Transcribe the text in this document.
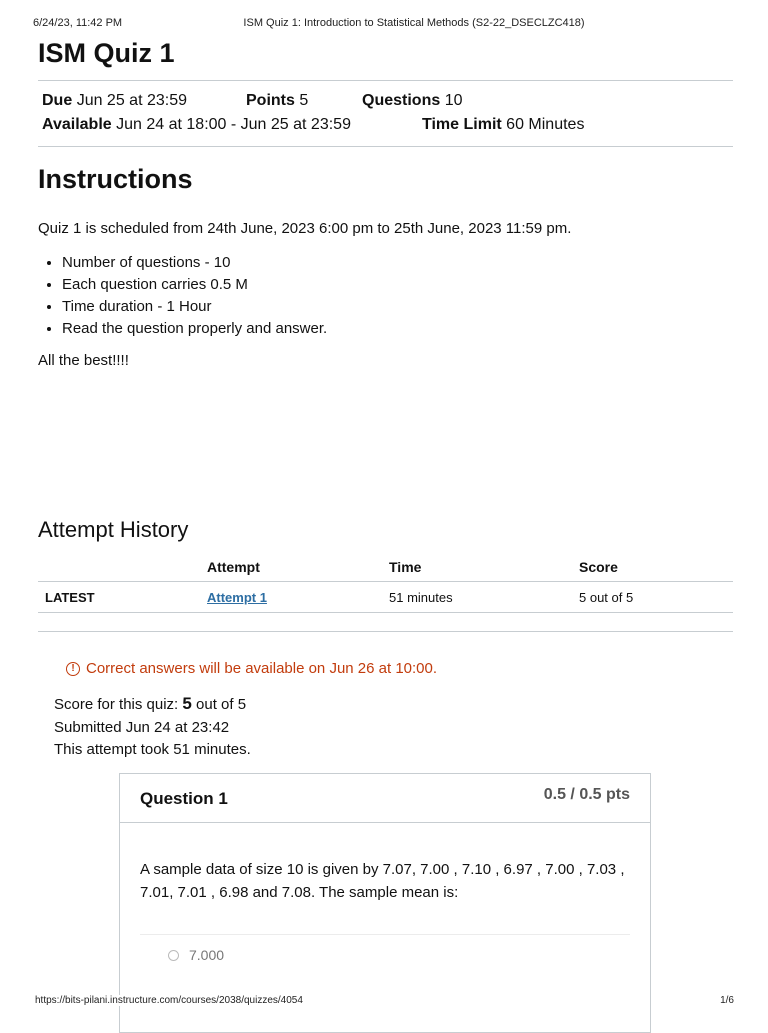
6/24/23, 11:42 PM	ISM Quiz 1: Introduction to Statistical Methods (S2-22_DSECLZC418)
ISM Quiz 1
Due Jun 25 at 23:59	Points 5	Questions 10
Available Jun 24 at 18:00 - Jun 25 at 23:59	Time Limit 60 Minutes
Instructions
Quiz 1 is scheduled from 24th June, 2023 6:00 pm to 25th June, 2023 11:59 pm.
• Number of questions - 10
• Each question carries 0.5 M
• Time duration - 1 Hour
• Read the question properly and answer.
All the best!!!!
Attempt History
	Attempt	Time	Score
LATEST	Attempt 1	51 minutes	5 out of 5
! Correct answers will be available on Jun 26 at 10:00.
Score for this quiz: 5 out of 5
Submitted Jun 24 at 23:42
This attempt took 51 minutes.
Question 1	0.5 / 0.5 pts
A sample data of size 10 is given by 7.07, 7.00 , 7.10 , 6.97 , 7.00 , 7.03 , 7.01, 7.01 , 6.98 and 7.08. The sample mean is:
7.000
https://bits-pilani.instructure.com/courses/2038/quizzes/4054	1/6
